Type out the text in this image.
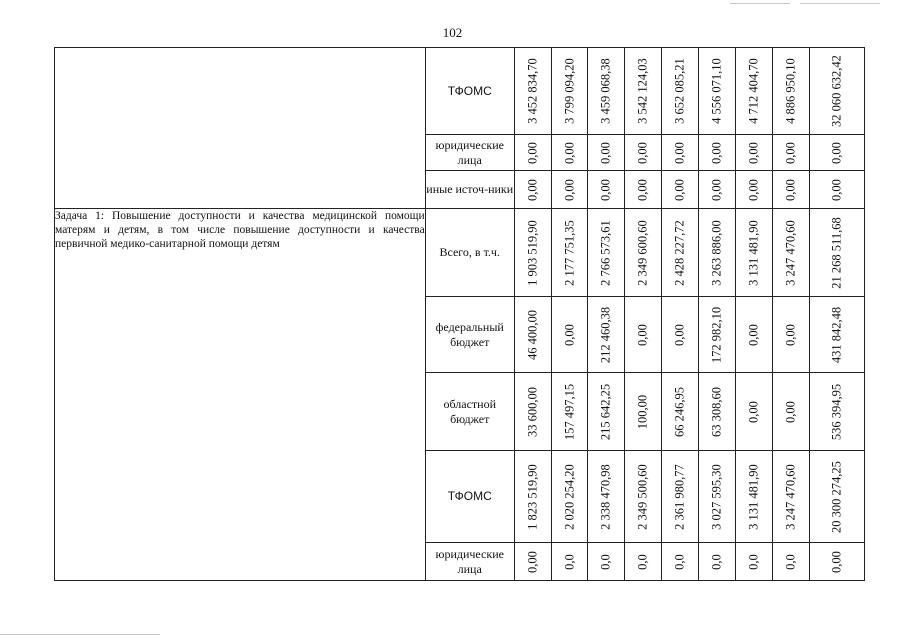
102
	ТФОМС	3 452 834,70	3 799 094,20	3 459 068,38	3 542 124,03	3 652 085,21	4 556 071,10	4 712 404,70	4 886 950,10	32 060 632,42

	юридические лица	0,00	0,00	0,00	0,00	0,00	0,00	0,00	0,00	0,00

	иные источ-ники	0,00	0,00	0,00	0,00	0,00	0,00	0,00	0,00	0,00

Задача 1: Повышение доступности и качества медицинской помощи матерям и детям, в том числе повышение доступности и качества первичной медико-санитарной помощи детям	Всего, в т.ч.	1 903 519,90	2 177 751,35	2 766 573,61	2 349 600,60	2 428 227,72	3 263 886,00	3 131 481,90	3 247 470,60	21 268 511,68

	федеральный бюджет	46 400,00	0,00	212 460,38	0,00	0,00	172 982,10	0,00	0,00	431 842,48

	областной бюджет	33 600,00	157 497,15	215 642,25	100,00	66 246,95	63 308,60	0,00	0,00	536 394,95

	ТФОМС	1 823 519,90	2 020 254,20	2 338 470,98	2 349 500,60	2 361 980,77	3 027 595,30	3 131 481,90	3 247 470,60	20 300 274,25

	юридические лица	0,00	0,0	0,0	0,0	0,0	0,0	0,0	0,0	0,00
